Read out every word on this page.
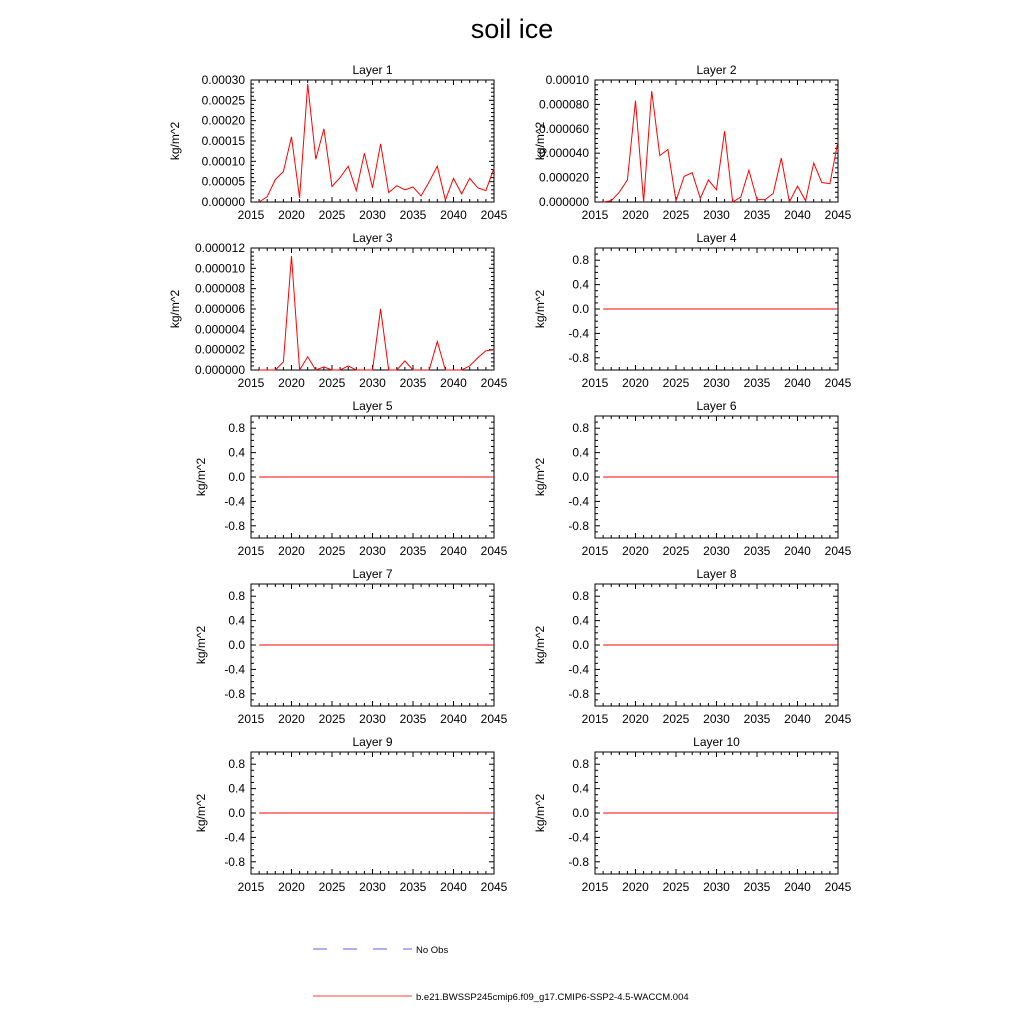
soil ice
Layer 1
2015 2020 2025 2030 2035 2040 2045
0.00000
0.00005
0.00010
0.00015
0.00020
0.00025
0.00030
kg/m^2
Layer 2
2015 2020 2025 2030 2035 2040 2045
0.000000
0.000020
0.000040
0.000060
0.000080
0.00010
kg/m^2
Layer 3
2015 2020 2025 2030 2035 2040 2045
0.000000
0.000002
0.000004
0.000006
0.000008
0.000010
0.000012
kg/m^2
Layer 4
2015 2020 2025 2030 2035 2040 2045
-0.8
-0.4
0.0
0.4
0.8
kg/m^2
Layer 5
2015 2020 2025 2030 2035 2040 2045
-0.8
-0.4
0.0
0.4
0.8
kg/m^2
Layer 6
2015 2020 2025 2030 2035 2040 2045
-0.8
-0.4
0.0
0.4
0.8
kg/m^2
Layer 7
2015 2020 2025 2030 2035 2040 2045
-0.8
-0.4
0.0
0.4
0.8
kg/m^2
Layer 8
2015 2020 2025 2030 2035 2040 2045
-0.8
-0.4
0.0
0.4
0.8
kg/m^2
Layer 9
2015 2020 2025 2030 2035 2040 2045
-0.8
-0.4
0.0
0.4
0.8
kg/m^2
Layer 10
2015 2020 2025 2030 2035 2040 2045
-0.8
-0.4
0.0
0.4
0.8
kg/m^2
No Obs
b.e21.BWSSP245cmip6.f09_g17.CMIP6-SSP2-4.5-WACCM.004
